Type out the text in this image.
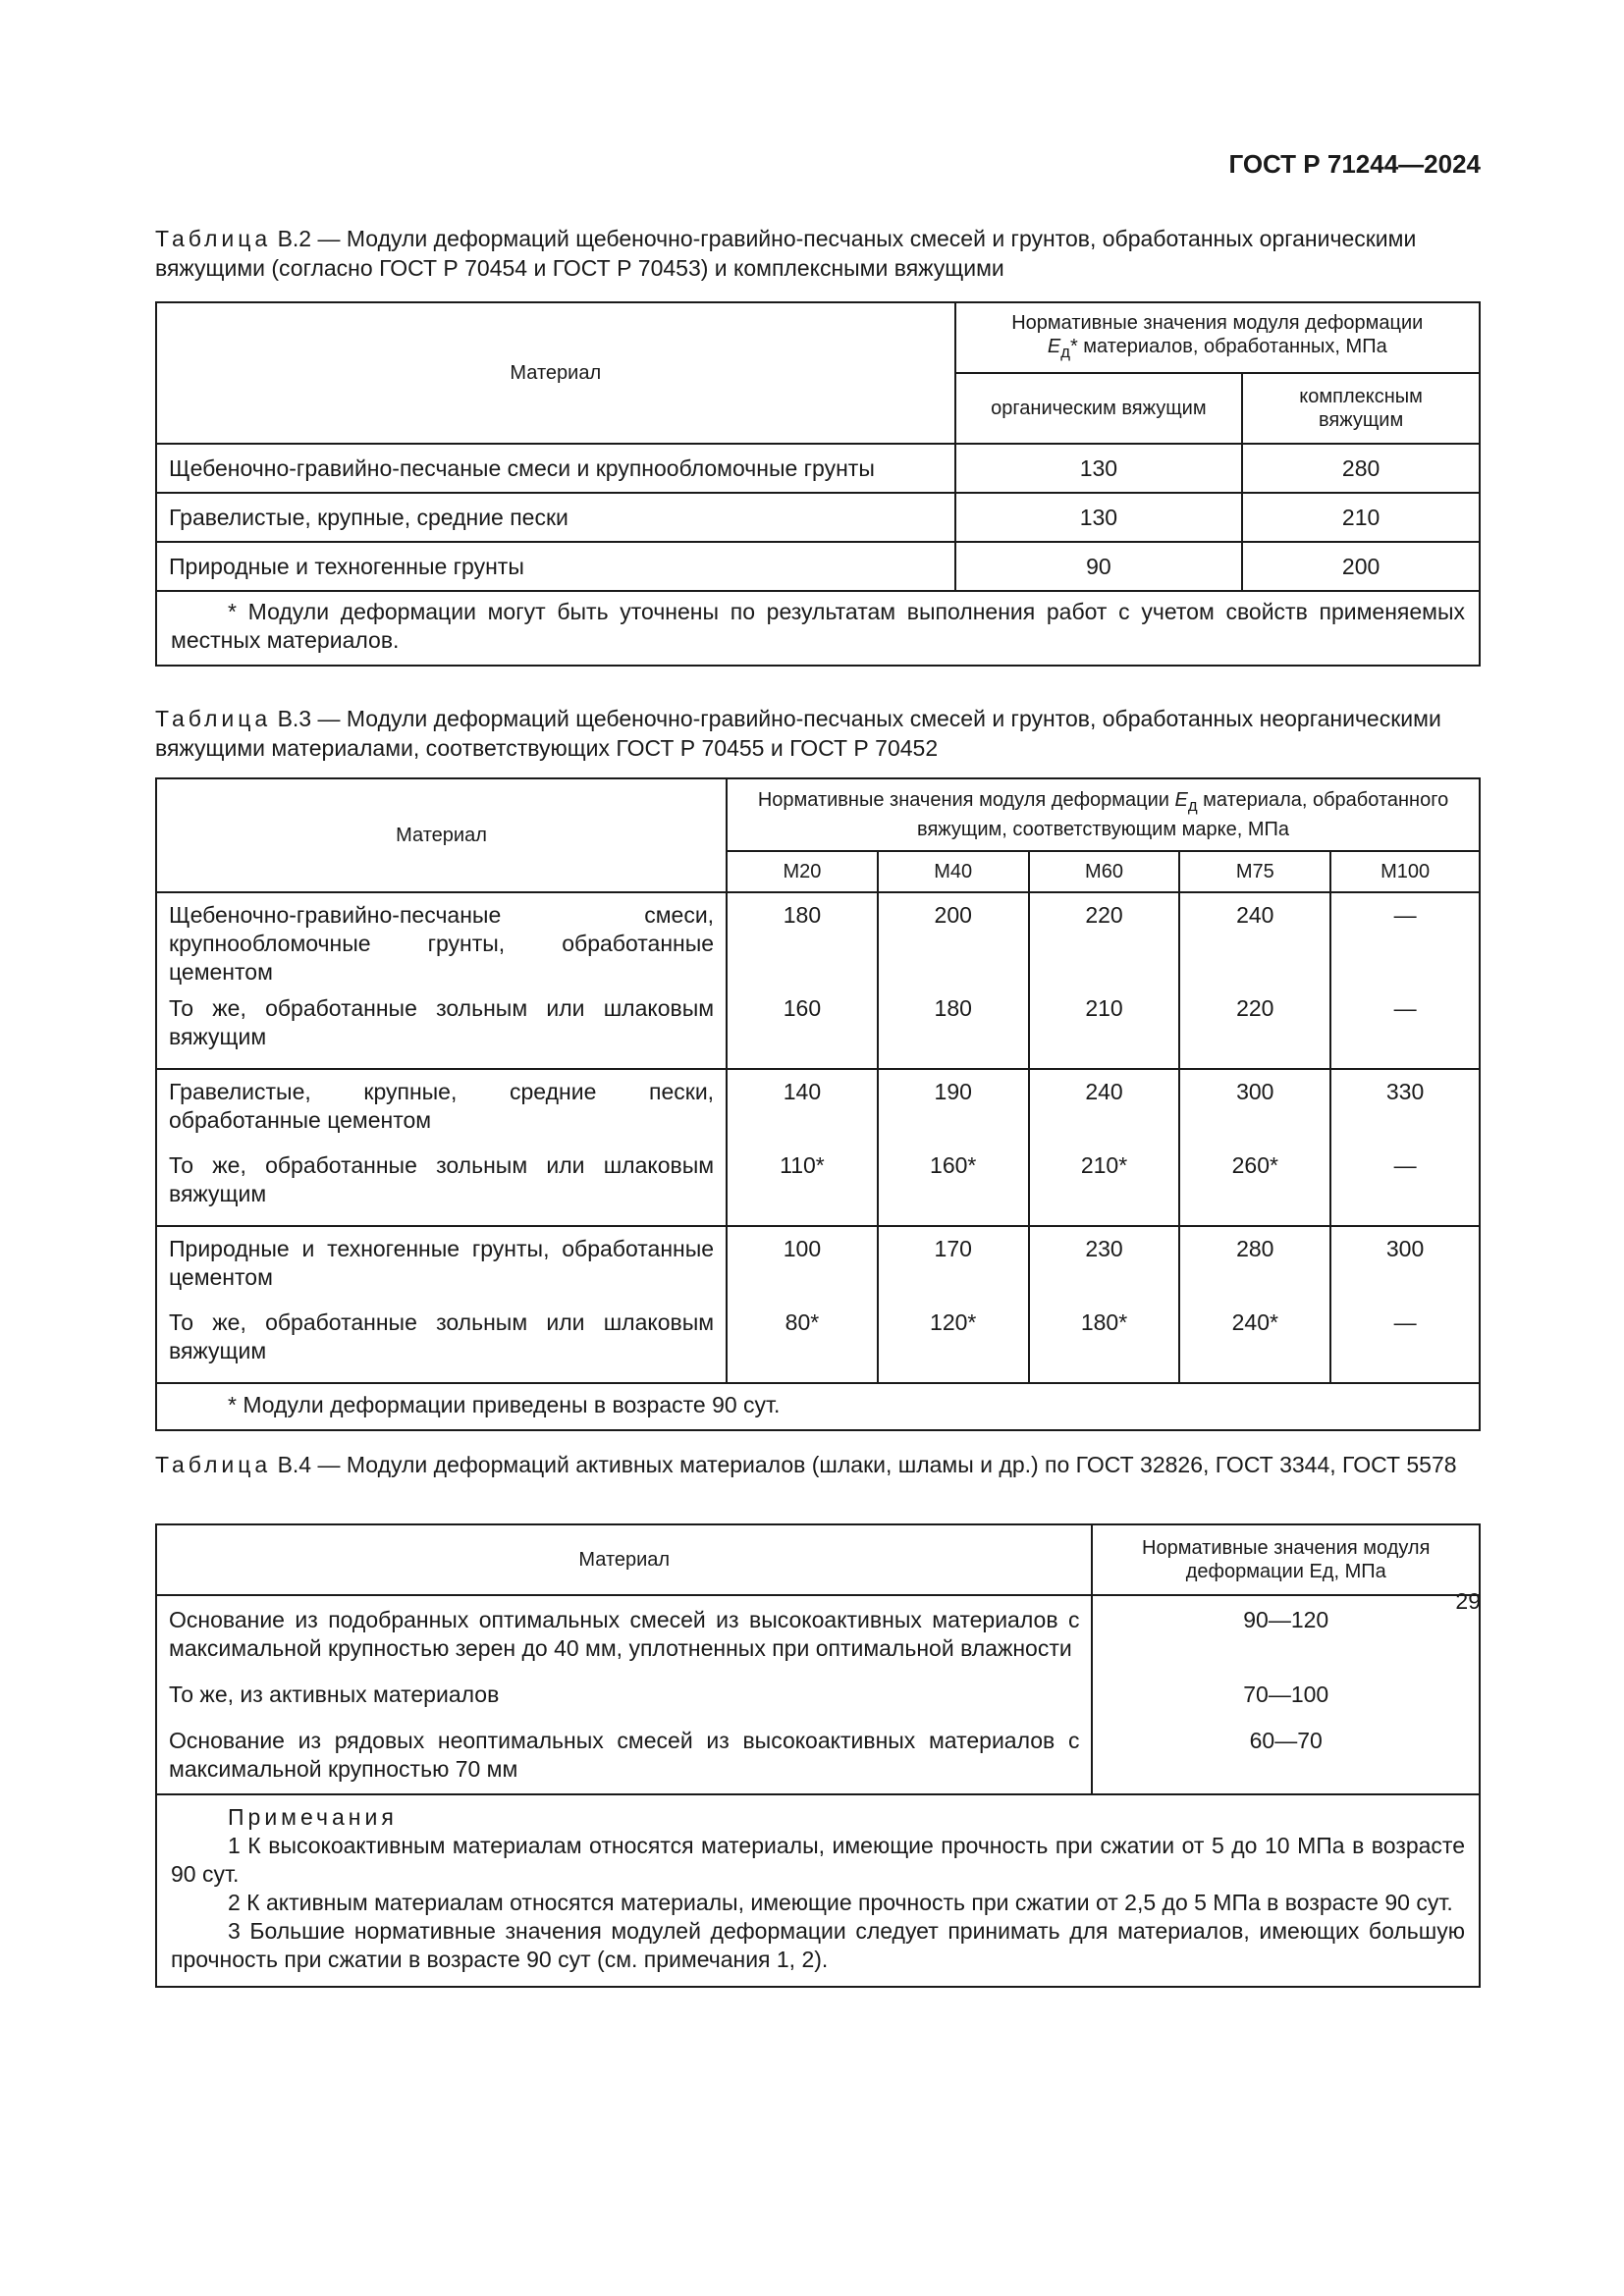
ГОСТ Р 71244—2024
Таблица В.2 — Модули деформаций щебеночно-гравийно-песчаных смесей и грунтов, обработанных органическими вяжущими (согласно ГОСТ Р 70454 и ГОСТ Р 70453) и комплексными вяжущими
Материал	Нормативные значения модуля деформации
$Е_д*$ материалов, обработанных, МПа	
	органическим вяжущим	комплексным вяжущим
Щебеночно-гравийно-песчаные смеси и крупнообломочные грунты	130	280
Гравелистые, крупные, средние пески	130	210
Природные и техногенные грунты	90	200
* Модули деформации могут быть уточнены по результатам выполнения работ с учетом свойств применяемых местных материалов.		
Таблица В.3 — Модули деформаций щебеночно-гравийно-песчаных смесей и грунтов, обработанных неорганическими вяжущими материалами, соответствующих ГОСТ Р 70455 и ГОСТ Р 70452
Материал	Нормативные значения модуля деформации $Е_д$ материала, обработанного вяжущим, соответствующим марке, МПа				
	М20	М40	М60	М75	М100
Щебеночно-гравийно-песчаные смеси, крупнообломочные грунты, обработанные цементом	180	200	220	240	—
То же, обработанные зольным или шлаковым вяжущим	160	180	210	220	—
Гравелистые, крупные, средние пески, обработанные цементом	140	190	240	300	330
То же, обработанные зольным или шлаковым вяжущим	110*	160*	210*	260*	—
Природные и техногенные грунты, обработанные цементом	100	170	230	280	300
То же, обработанные зольным или шлаковым вяжущим	80*	120*	180*	240*	—
* Модули деформации приведены в возрасте 90 сут.					
Таблица В.4 — Модули деформаций активных материалов (шлаки, шламы и др.) по ГОСТ 32826, ГОСТ 3344, ГОСТ 5578
Материал	Нормативные значения модуля деформации Ед, МПа
Основание из подобранных оптимальных смесей из высокоактивных материалов с максимальной крупностью зерен до 40 мм, уплотненных при оптимальной влажности	90—120
То же, из активных материалов	70—100
Основание из рядовых неоптимальных смесей из высокоактивных материалов с максимальной крупностью 70 мм	60—70

Примечания
1 К высокоактивным материалам относятся материалы, имеющие прочность при сжатии от 5 до 10 МПа в возрасте 90 сут.
2 К активным материалам относятся материалы, имеющие прочность при сжатии от 2,5 до 5 МПа в возрасте 90 сут.
3 Большие нормативные значения модулей деформации следует принимать для материалов, имеющих большую прочность при сжатии в возрасте 90 сут (см. примечания 1, 2).	
29
